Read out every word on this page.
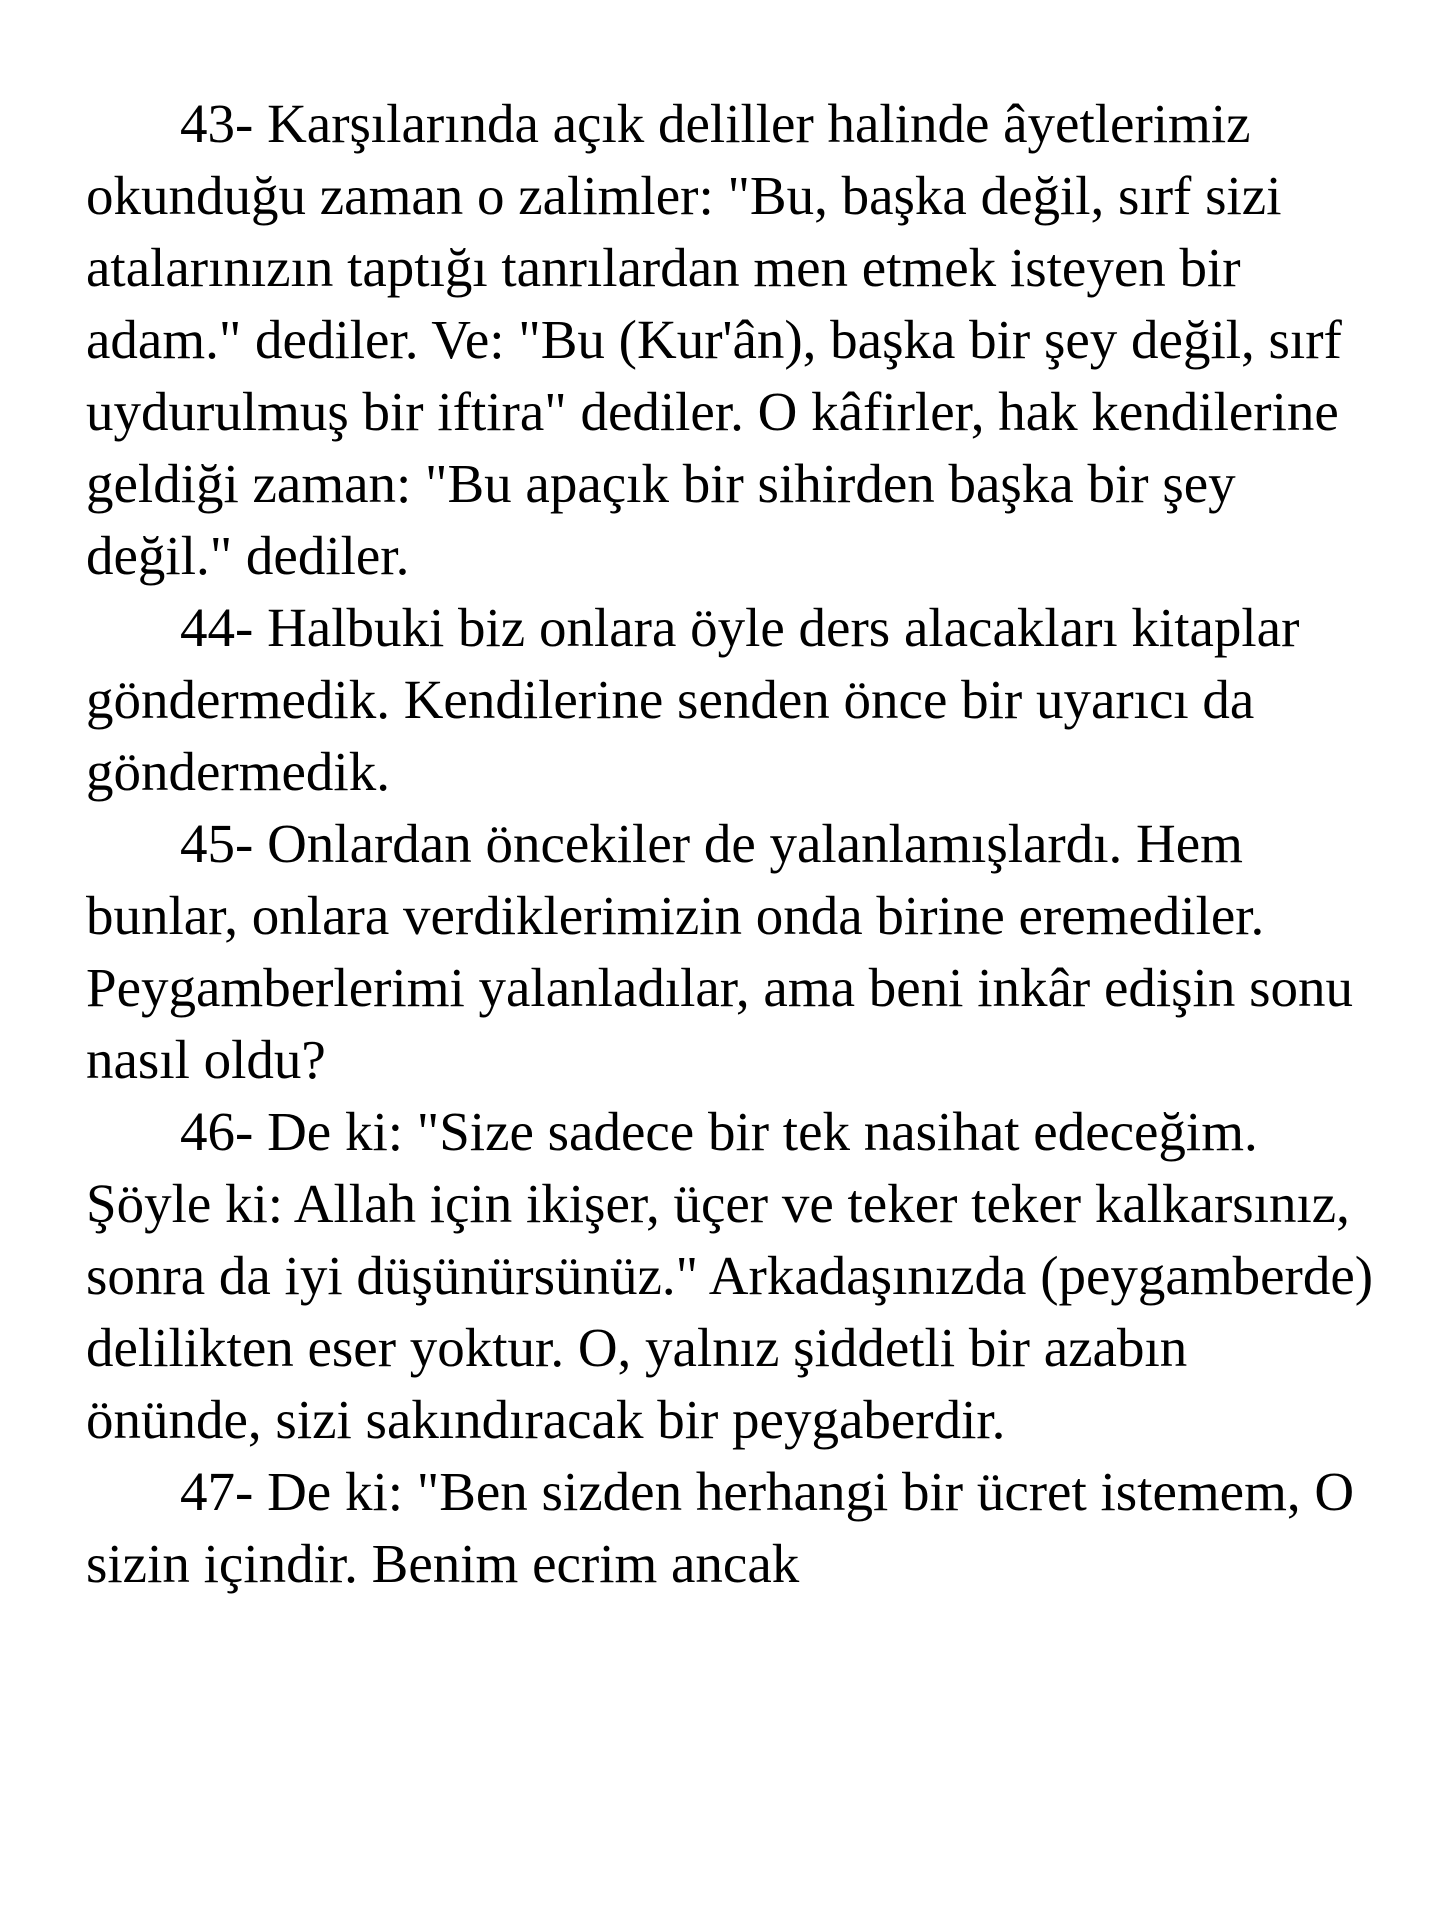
43- Karşılarında açık deliller halinde âyetlerimiz okunduğu zaman o zalimler: "Bu, başka değil, sırf sizi atalarınızın taptığı tanrılardan men etmek isteyen bir adam." dediler. Ve: "Bu (Kur'ân), başka bir şey değil, sırf uydurulmuş bir iftira" dediler. O kâfirler, hak kendilerine geldiği zaman: "Bu apaçık bir sihirden başka bir şey değil." dediler.

44- Halbuki biz onlara öyle ders alacakları kitaplar göndermedik. Kendilerine senden önce bir uyarıcı da göndermedik.

45- Onlardan öncekiler de yalanlamışlardı. Hem bunlar, onlara verdiklerimizin onda birine eremediler. Peygamberlerimi yalanladılar, ama beni inkâr edişin sonu nasıl oldu?

46- De ki: "Size sadece bir tek nasihat edeceğim. Şöyle ki: Allah için ikişer, üçer ve teker teker kalkarsınız, sonra da iyi düşünürsünüz." Arkadaşınızda (peygamberde) delilikten eser yoktur. O, yalnız şiddetli bir azabın önünde, sizi sakındıracak bir peygaberdir.

47- De ki: "Ben sizden herhangi bir ücret istemem, O sizin içindir. Benim ecrim ancak
